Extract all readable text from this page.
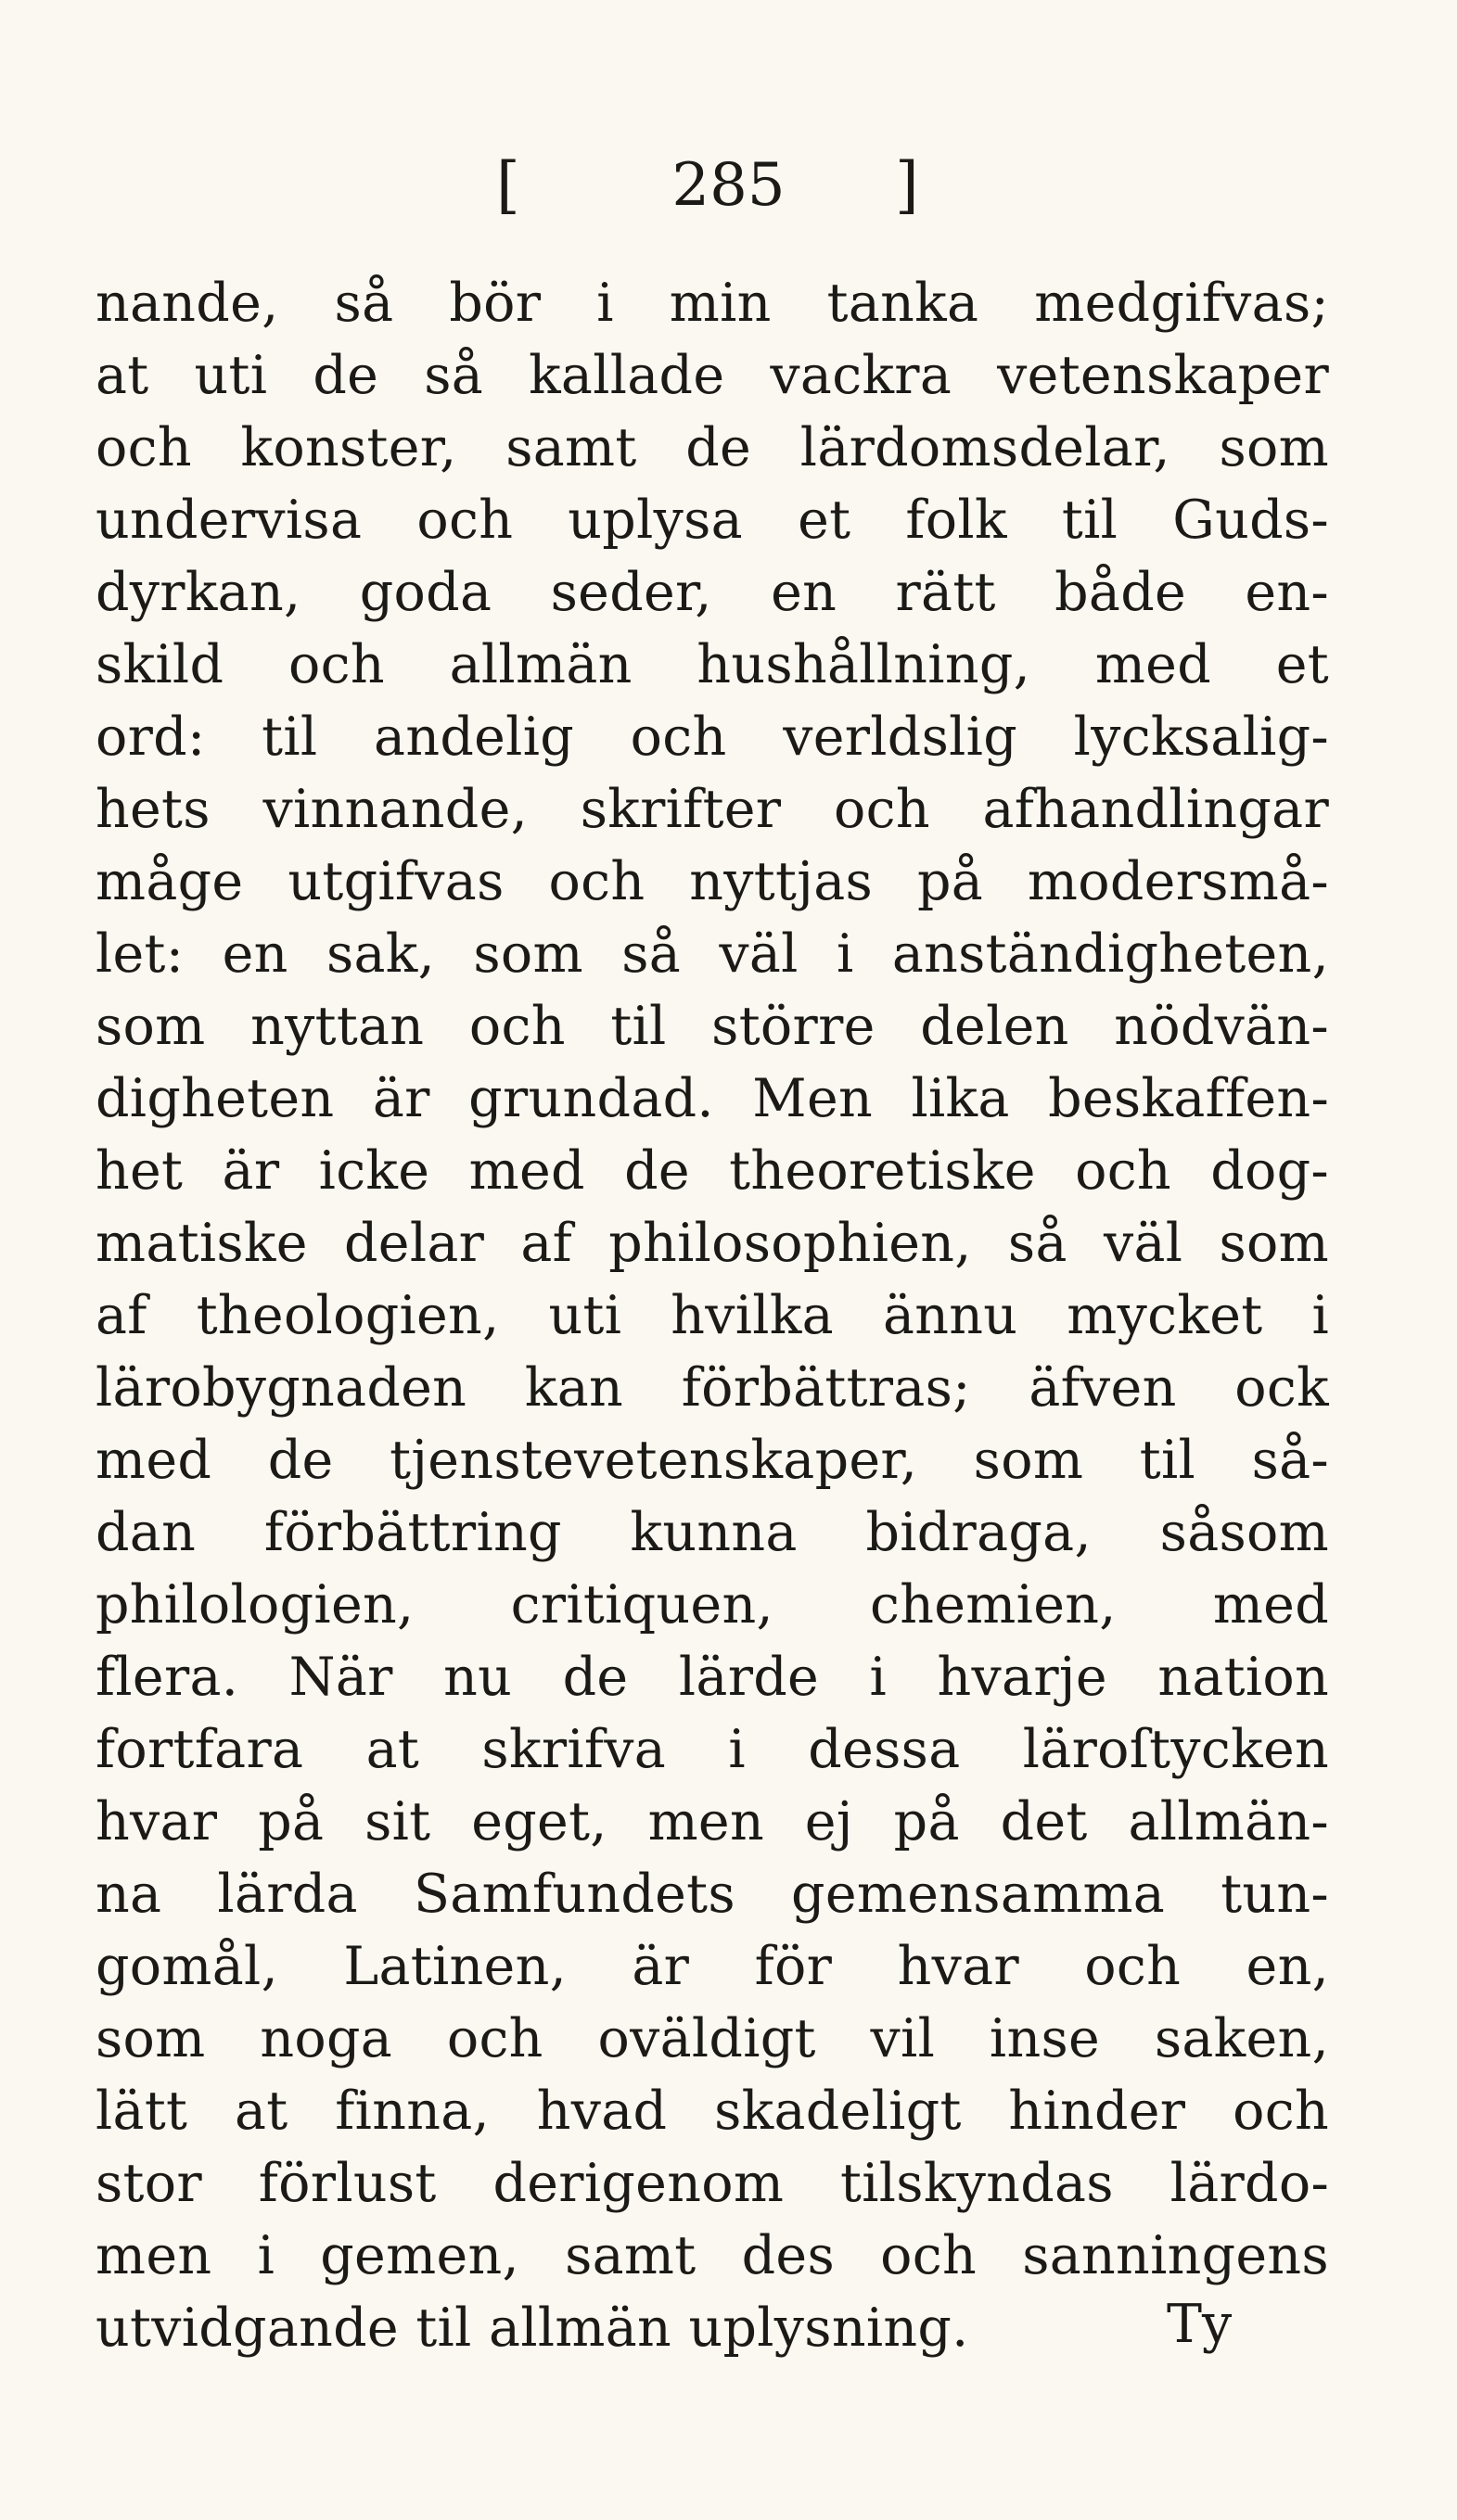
[	285	]
nande, så bör i min tanka medgifvas;
at uti de så kallade vackra vetenskaper
och konster, samt de lärdomsdelar, som
undervisa och uplysa et folk til Guds-
dyrkan, goda seder, en rätt både en-
skild och allmän hushållning, med et
ord: til andelig och verldslig lycksalig-
hets vinnande, skrifter och afhandlingar
måge utgifvas och nyttjas på modersmå-
let: en sak, som så väl i anständigheten,
som nyttan och til större delen nödvän-
digheten är grundad. Men lika beskaffen-
het är icke med de theoretiske och dog-
matiske delar af philosophien, så väl som
af theologien, uti hvilka ännu mycket i
lärobygnaden kan förbättras; äfven ock
med de tjenstevetenskaper, som til så-
dan förbättring kunna bidraga, såsom
philologien, critiquen, chemien, med
flera. När nu de lärde i hvarje nation
fortfara at skrifva i dessa läroſtycken
hvar på sit eget, men ej på det allmän-
na lärda Samfundets gemensamma tun-
gomål, Latinen, är för hvar och en,
som noga och oväldigt vil inse saken,
lätt at finna, hvad skadeligt hinder och
stor förlust derigenom tilskyndas lärdo-
men i gemen, samt des och sanningens
utvidgande til allmän uplysning.	Ty
